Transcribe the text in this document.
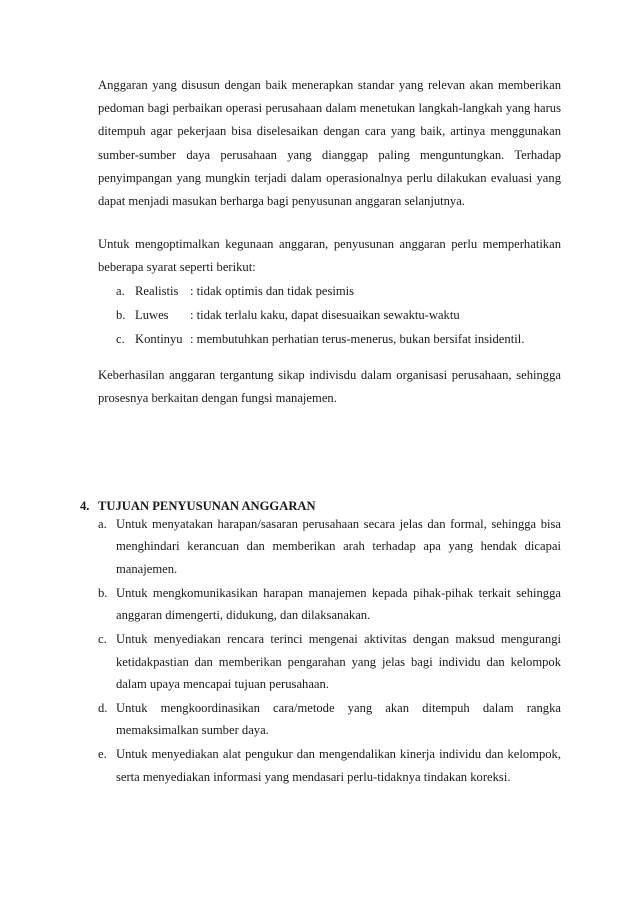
Anggaran yang disusun dengan baik menerapkan standar yang relevan akan memberikan pedoman bagi perbaikan operasi perusahaan dalam menetukan langkah-langkah yang harus ditempuh agar pekerjaan bisa diselesaikan dengan cara yang baik, artinya menggunakan sumber-sumber daya perusahaan yang dianggap paling menguntungkan. Terhadap penyimpangan yang mungkin terjadi dalam operasionalnya perlu dilakukan evaluasi yang dapat menjadi masukan berharga bagi penyusunan anggaran selanjutnya.

Untuk mengoptimalkan kegunaan anggaran, penyusunan anggaran perlu memperhatikan beberapa syarat seperti berikut:

a. Realistis : tidak optimis dan tidak pesimis
b. Luwes	: tidak terlalu kaku, dapat disesuaikan sewaktu-waktu
c. Kontinyu : membutuhkan perhatian terus-menerus, bukan bersifat insidentil.

Keberhasilan anggaran tergantung sikap indivisdu dalam organisasi perusahaan, sehingga prosesnya berkaitan dengan fungsi manajemen.

4. TUJUAN PENYUSUNAN ANGGARAN
a. Untuk menyatakan harapan/sasaran perusahaan secara jelas dan formal, sehingga bisa menghindari kerancuan dan memberikan arah terhadap apa yang hendak dicapai manajemen.
b. Untuk mengkomunikasikan harapan manajemen kepada pihak-pihak terkait sehingga anggaran dimengerti, didukung, dan dilaksanakan.
c. Untuk menyediakan rencara terinci mengenai aktivitas dengan maksud mengurangi ketidakpastian dan memberikan pengarahan yang jelas bagi individu dan kelompok dalam upaya mencapai tujuan perusahaan.
d. Untuk mengkoordinasikan cara/metode yang akan ditempuh dalam rangka memaksimalkan sumber daya.
e. Untuk menyediakan alat pengukur dan mengendalikan kinerja individu dan kelompok, serta menyediakan informasi yang mendasari perlu-tidaknya tindakan koreksi.
